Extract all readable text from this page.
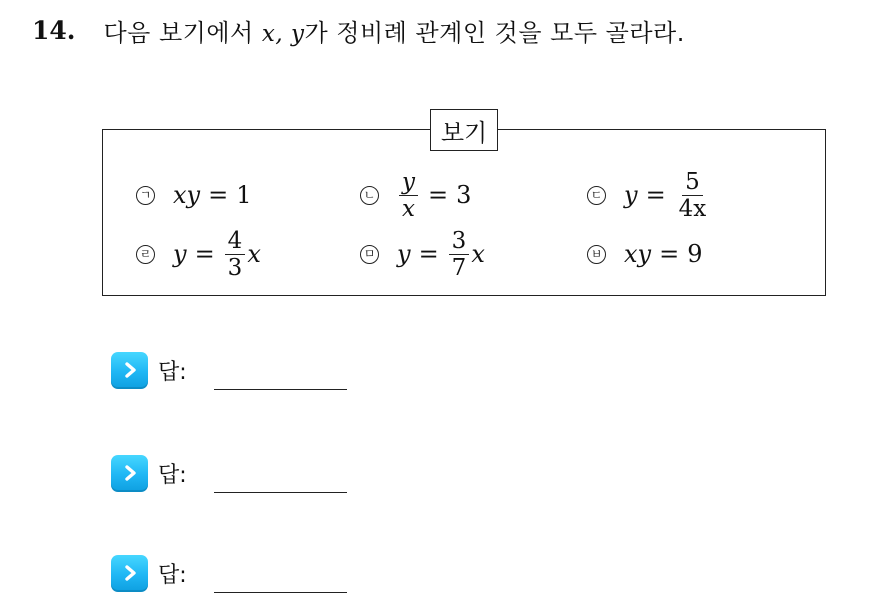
14. 다음 보기에서 x, y가 정비례 관계인 것을 모두 골라라.
보기
ㄱ xy = 1	ㄴ $\frac{y}{x} = 3$	ㄷ $y = \frac{5}{4x}$
ㄹ $y = \frac{4}{3}$ x	ㅁ $y = \frac{3}{7}$ x	ㅂ xy = 9
답:
답:
답:
